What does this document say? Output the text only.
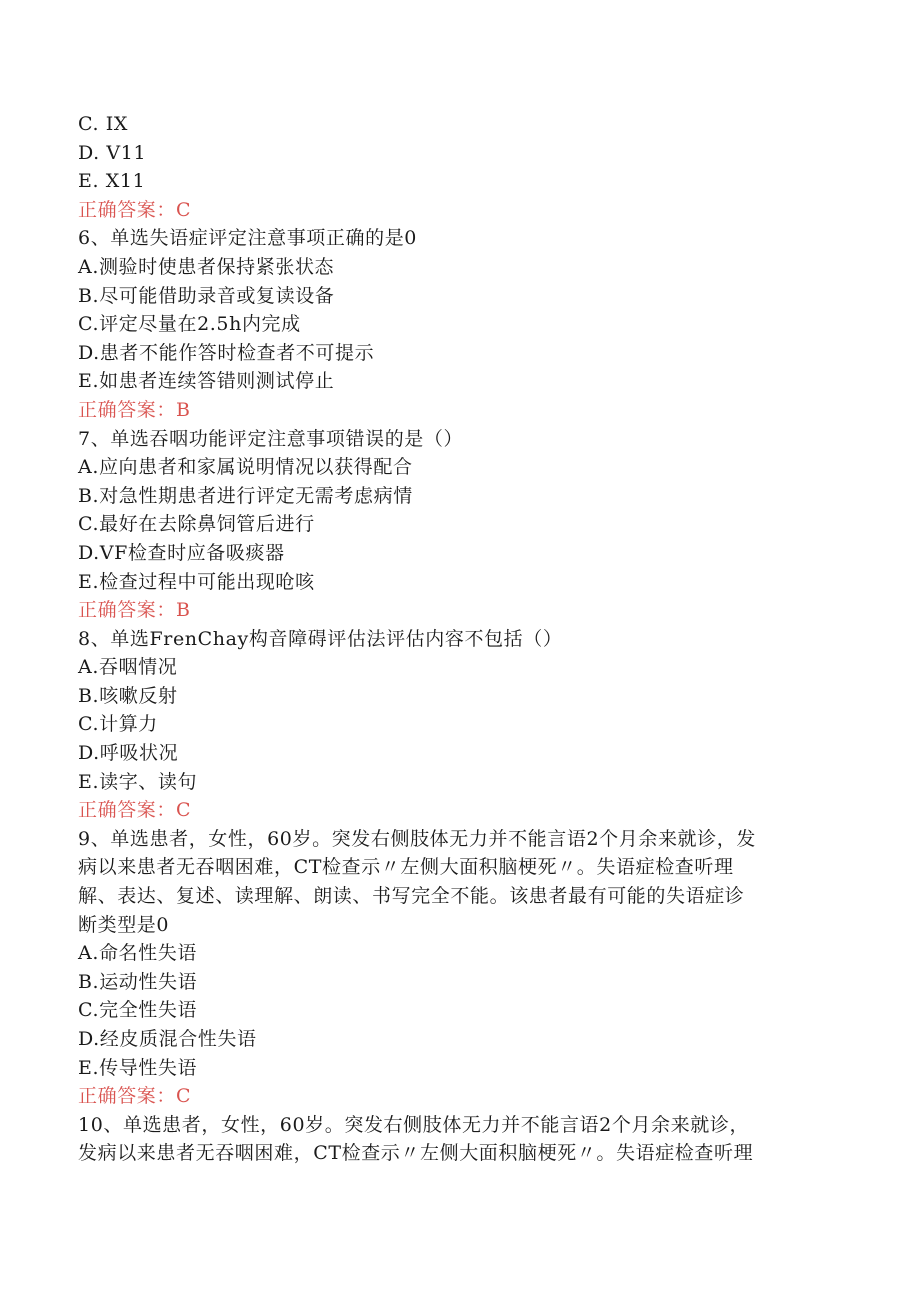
C. IX
D. V11
E. X11
正确答案：C
6、单选失语症评定注意事项正确的是0
A.测验时使患者保持紧张状态
B.尽可能借助录音或复读设备
C.评定尽量在2.5h内完成
D.患者不能作答时检查者不可提示
E.如患者连续答错则测试停止
正确答案：B
7、单选吞咽功能评定注意事项错误的是（）
A.应向患者和家属说明情况以获得配合
B.对急性期患者进行评定无需考虑病情
C.最好在去除鼻饲管后进行
D.VF检查时应备吸痰器
E.检查过程中可能出现呛咳
正确答案：B
8、单选FrenChay构音障碍评估法评估内容不包括（）
A.吞咽情况
B.咳嗽反射
C.计算力
D.呼吸状况
E.读字、读句
正确答案：C
9、单选患者，女性，60岁。突发右侧肢体无力并不能言语2个月余来就诊，发
病以来患者无吞咽困难，CT检查示〃左侧大面积脑梗死〃。失语症检查听理
解、表达、复述、读理解、朗读、书写完全不能。该患者最有可能的失语症诊
断类型是0
A.命名性失语
B.运动性失语
C.完全性失语
D.经皮质混合性失语
E.传导性失语
正确答案：C
10、单选患者，女性，60岁。突发右侧肢体无力并不能言语2个月余来就诊，
发病以来患者无吞咽困难，CT检查示〃左侧大面积脑梗死〃。失语症检查听理
